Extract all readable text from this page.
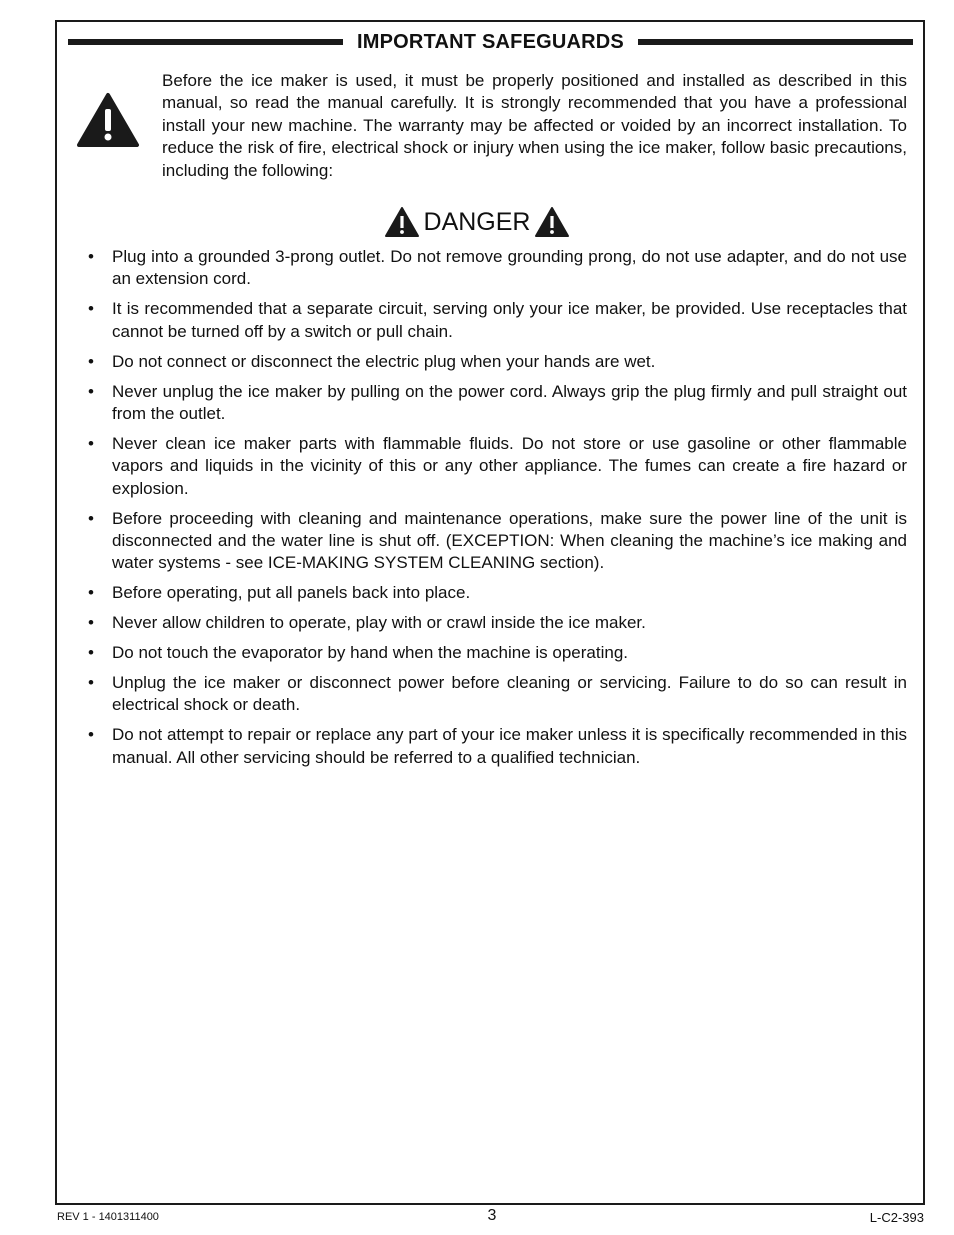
IMPORTANT SAFEGUARDS

Before the ice maker is used, it must be properly positioned and installed as described in this manual, so read the manual carefully. It is strongly recommended that you have a professional install your new machine. The warranty may be affected or voided by an incorrect installation. To reduce the risk of fire, electrical shock or injury when using the ice maker, follow basic precautions, including the following:

DANGER
• Plug into a grounded 3-prong outlet. Do not remove grounding prong, do not use adapter, and do not use an extension cord.
• It is recommended that a separate circuit, serving only your ice maker, be provided. Use receptacles that cannot be turned off by a switch or pull chain.
• Do not connect or disconnect the electric plug when your hands are wet.
• Never unplug the ice maker by pulling on the power cord. Always grip the plug firmly and pull straight out from the outlet.
• Never clean ice maker parts with flammable fluids. Do not store or use gasoline or other flammable vapors and liquids in the vicinity of this or any other appliance. The fumes can create a fire hazard or explosion.
• Before proceeding with cleaning and maintenance operations, make sure the power line of the unit is disconnected and the water line is shut off. (EXCEPTION: When cleaning the machine’s ice making and water systems - see ICE-MAKING SYSTEM CLEANING section).
• Before operating, put all panels back into place.
• Never allow children to operate, play with or crawl inside the ice maker.
• Do not touch the evaporator by hand when the machine is operating.
• Unplug the ice maker or disconnect power before cleaning or servicing. Failure to do so can result in electrical shock or death.
• Do not attempt to repair or replace any part of your ice maker unless it is specifically recommended in this manual. All other servicing should be referred to a qualified technician.
REV 1 - 1401311400	3	L-C2-393
